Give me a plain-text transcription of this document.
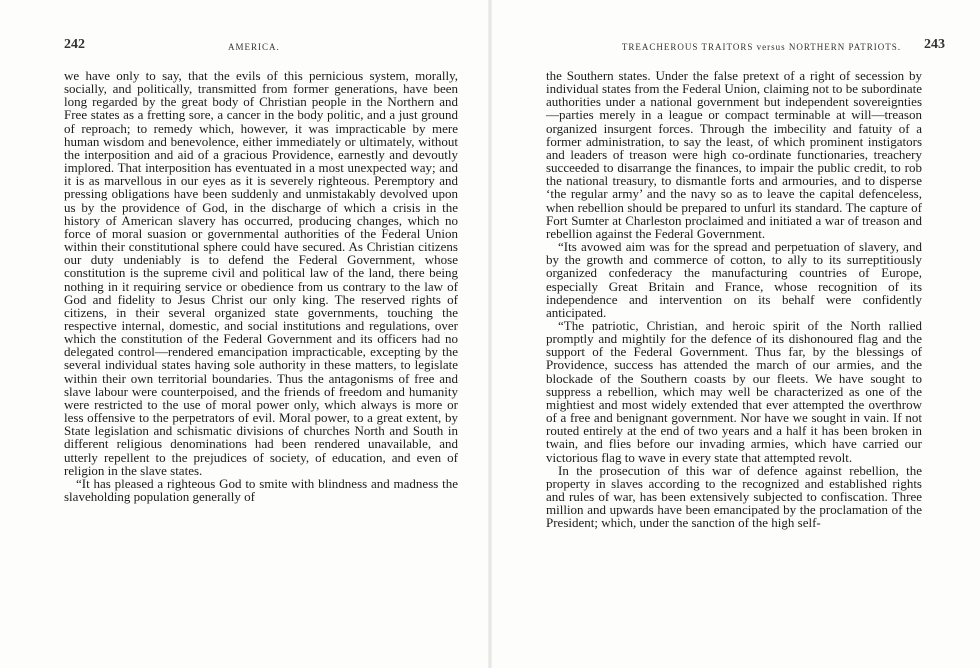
242	AMERICA.

we have only to say, that the evils of this pernicious system, morally, socially, and politically, transmitted from former generations, have been long regarded by the great body of Christian people in the Northern and Free states as a fretting sore, a cancer in the body politic, and a just ground of reproach; to remedy which, however, it was impracticable by mere human wisdom and benevolence, either immediately or ultimately, without the interposition and aid of a gracious Providence, earnestly and devoutly implored. That interposition has eventuated in a most unexpected way; and it is as marvellous in our eyes as it is severely righteous. Peremptory and pressing obligations have been suddenly and unmistakably devolved upon us by the providence of God, in the discharge of which a crisis in the history of American slavery has occurred, producing changes, which no force of moral suasion or governmental authorities of the Federal Union within their constitutional sphere could have secured. As Christian citizens our duty undeniably is to defend the Federal Government, whose constitution is the supreme civil and political law of the land, there being nothing in it requiring service or obedience from us contrary to the law of God and fidelity to Jesus Christ our only king. The reserved rights of citizens, in their several organized state governments, touching the respective internal, domestic, and social institutions and regulations, over which the constitution of the Federal Government and its officers had no delegated control—rendered emancipation impracticable, excepting by the several individual states having sole authority in these matters, to legislate within their own territorial boundaries. Thus the antagonisms of free and slave labour were counterpoised, and the friends of freedom and humanity were restricted to the use of moral power only, which always is more or less offensive to the perpetrators of evil. Moral power, to a great extent, by State legislation and schismatic divisions of churches North and South in different religious denominations had been rendered unavailable, and utterly repellent to the prejudices of society, of education, and even of religion in the slave states.

“It has pleased a righteous God to smite with blindness and madness the slaveholding population generally of

TREACHEROUS TRAITORS versus NORTHERN PATRIOTS. 243

the Southern states. Under the false pretext of a right of secession by individual states from the Federal Union, claiming not to be subordinate authorities under a national government but independent sovereignties—parties merely in a league or compact terminable at will—treason organized insurgent forces. Through the imbecility and fatuity of a former administration, to say the least, of which prominent instigators and leaders of treason were high co-ordinate functionaries, treachery succeeded to disarrange the finances, to impair the public credit, to rob the national treasury, to dismantle forts and armouries, and to disperse ‘the regular army’ and the navy so as to leave the capital defenceless, when rebellion should be prepared to unfurl its standard. The capture of Fort Sumter at Charleston proclaimed and initiated a war of treason and rebellion against the Federal Government.

“Its avowed aim was for the spread and perpetuation of slavery, and by the growth and commerce of cotton, to ally to its surreptitiously organized confederacy the manufacturing countries of Europe, especially Great Britain and France, whose recognition of its independence and intervention on its behalf were confidently anticipated.

“The patriotic, Christian, and heroic spirit of the North rallied promptly and mightily for the defence of its dishonoured flag and the support of the Federal Government. Thus far, by the blessings of Providence, success has attended the march of our armies, and the blockade of the Southern coasts by our fleets. We have sought to suppress a rebellion, which may well be characterized as one of the mightiest and most widely extended that ever attempted the overthrow of a free and benignant government. Nor have we sought in vain. If not routed entirely at the end of two years and a half it has been broken in twain, and flies before our invading armies, which have carried our victorious flag to wave in every state that attempted revolt.

In the prosecution of this war of defence against rebellion, the property in slaves according to the recognized and established rights and rules of war, has been extensively subjected to confiscation. Three million and upwards have been emancipated by the proclamation of the President; which, under the sanction of the high self-
